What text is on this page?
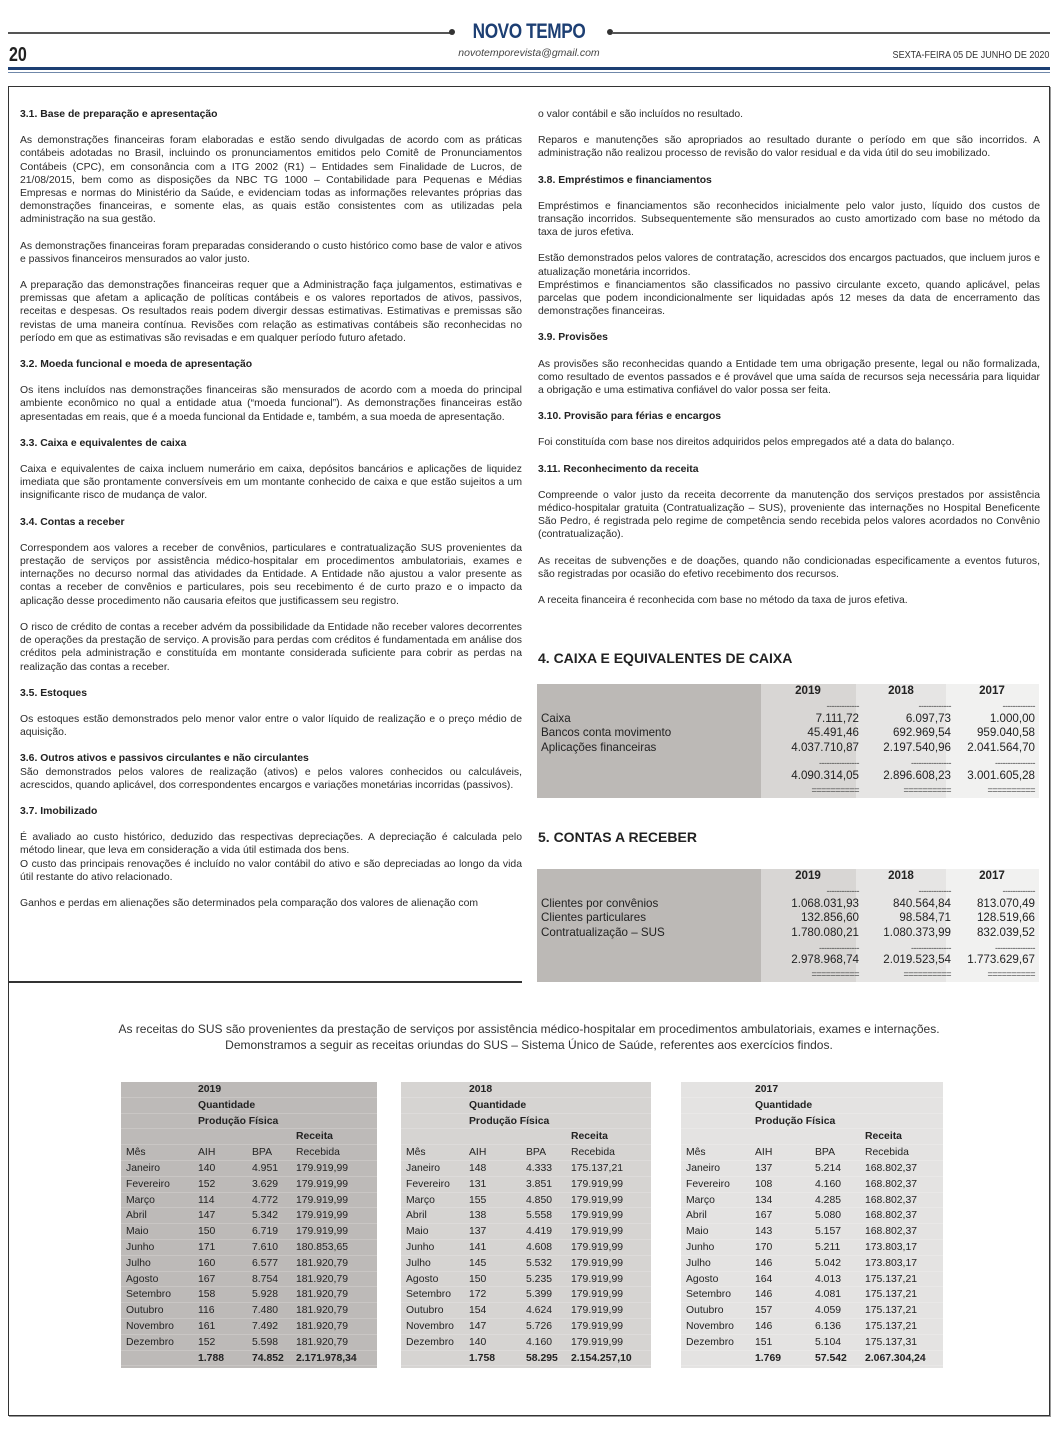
NOVO TEMPO
novotemporevista@gmail.com
20	SEXTA-FEIRA 05 DE JUNHO DE 2020
3.1. Base de preparação e apresentação

As demonstrações financeiras foram elaboradas e estão sendo divulgadas de acordo com as práticas contábeis adotadas no Brasil, incluindo os pronunciamentos emitidos pelo Comitê de Pronunciamentos Contábeis (CPC), em consonância com a ITG 2002 (R1) – Entidades sem Finalidade de Lucros, de 21/08/2015, bem como as disposições da NBC TG 1000 – Contabilidade para Pequenas e Médias Empresas e normas do Ministério da Saúde, e evidenciam todas as informações relevantes próprias das demonstrações financeiras, e somente elas, as quais estão consistentes com as utilizadas pela administração na sua gestão.

As demonstrações financeiras foram preparadas considerando o custo histórico como base de valor e ativos e passivos financeiros mensurados ao valor justo.

A preparação das demonstrações financeiras requer que a Administração faça julgamentos, estimativas e premissas que afetam a aplicação de políticas contábeis e os valores reportados de ativos, passivos, receitas e despesas. Os resultados reais podem divergir dessas estimativas. Estimativas e premissas são revistas de uma maneira contínua. Revisões com relação as estimativas contábeis são reconhecidas no período em que as estimativas são revisadas e em qualquer período futuro afetado.

3.2. Moeda funcional e moeda de apresentação

Os itens incluídos nas demonstrações financeiras são mensurados de acordo com a moeda do principal ambiente econômico no qual a entidade atua (“moeda funcional”). As demonstrações financeiras estão apresentadas em reais, que é a moeda funcional da Entidade e, também, a sua moeda de apresentação.

3.3. Caixa e equivalentes de caixa

Caixa e equivalentes de caixa incluem numerário em caixa, depósitos bancários e aplicações de liquidez imediata que são prontamente conversíveis em um montante conhecido de caixa e que estão sujeitos a um insignificante risco de mudança de valor.

3.4. Contas a receber

Correspondem aos valores a receber de convênios, particulares e contratualização SUS provenientes da prestação de serviços por assistência médico-hospitalar em procedimentos ambulatoriais, exames e internações no decurso normal das atividades da Entidade. A Entidade não ajustou a valor presente as contas a receber de convênios e particulares, pois seu recebimento é de curto prazo e o impacto da aplicação desse procedimento não causaria efeitos que justificassem seu registro.

O risco de crédito de contas a receber advém da possibilidade da Entidade não receber valores decorrentes de operações da prestação de serviço. A provisão para perdas com créditos é fundamentada em análise dos créditos pela administração e constituída em montante considerada suficiente para cobrir as perdas na realização das contas a receber.

3.5. Estoques

Os estoques estão demonstrados pelo menor valor entre o valor líquido de realização e o preço médio de aquisição.

3.6. Outros ativos e passivos circulantes e não circulantes

São demonstrados pelos valores de realização (ativos) e pelos valores conhecidos ou calculáveis, acrescidos, quando aplicável, dos correspondentes encargos e variações monetárias incorridas (passivos).

3.7. Imobilizado

É avaliado ao custo histórico, deduzido das respectivas depreciações. A depreciação é calculada pelo método linear, que leva em consideração a vida útil estimada dos bens.

O custo das principais renovações é incluído no valor contábil do ativo e são depreciadas ao longo da vida útil restante do ativo relacionado.

Ganhos e perdas em alienações são determinados pela comparação dos valores de alienação com

o valor contábil e são incluídos no resultado.

Reparos e manutenções são apropriados ao resultado durante o período em que são incorridos. A administração não realizou processo de revisão do valor residual e da vida útil do seu imobilizado.

3.8. Empréstimos e financiamentos

Empréstimos e financiamentos são reconhecidos inicialmente pelo valor justo, líquido dos custos de transação incorridos. Subsequentemente são mensurados ao custo amortizado com base no método da taxa de juros efetiva.

Estão demonstrados pelos valores de contratação, acrescidos dos encargos pactuados, que incluem juros e atualização monetária incorridos.

Empréstimos e financiamentos são classificados no passivo circulante exceto, quando aplicável, pelas parcelas que podem incondicionalmente ser liquidadas após 12 meses da data de encerramento das demonstrações financeiras.

3.9. Provisões

As provisões são reconhecidas quando a Entidade tem uma obrigação presente, legal ou não formalizada, como resultado de eventos passados e é provável que uma saída de recursos seja necessária para liquidar a obrigação e uma estimativa confiável do valor possa ser feita.

3.10. Provisão para férias e encargos

Foi constituída com base nos direitos adquiridos pelos empregados até a data do balanço.

3.11. Reconhecimento da receita

Compreende o valor justo da receita decorrente da manutenção dos serviços prestados por assistência médico-hospitalar gratuita (Contratualização – SUS), proveniente das internações no Hospital Beneficente São Pedro, é registrada pelo regime de competência sendo recebida pelos valores acordados no Convênio (contratualização).

As receitas de subvenções e de doações, quando não condicionadas especificamente a eventos futuros, são registradas por ocasião do efetivo recebimento dos recursos.

A receita financeira é reconhecida com base no método da taxa de juros efetiva.

4. CAIXA E EQUIVALENTES DE CAIXA
2019	2018	2017
-------------	-------------	-------------
Caixa	7.111,72	6.097,73	1.000,00
Bancos conta movimento	45.491,46	692.969,54 959.040,58
Aplicações financeiras	4.037.710,87 2.197.540,96 2.041.564,70
----------------	----------------	----------------
4.090.314,05 2.896.608,23 3.001.605,28
==========	==========	==========
5. CONTAS A RECEBER
2019	2018	2017
-------------	-------------	-------------
Clientes por convênios	1.068.031,93	840.564,84 813.070,49
Clientes particulares	132.856,60	98.584,71 128.519,66
Contratualização – SUS	1.780.080,21 1.080.373,99 832.039,52
----------------	----------------	----------------
2.978.968,74 2.019.523,54 1.773.629,67
==========	==========	==========
As receitas do SUS são provenientes da prestação de serviços por assistência médico-hospitalar em procedimentos ambulatoriais, exames e internações.
Demonstramos a seguir as receitas oriundas do SUS – Sistema Único de Saúde, referentes aos exercícios findos.
2019
Quantidade
Produção Física
Receita
Mês	AIH	BPA Recebida
Janeiro	140	4.951 179.919,99
Fevereiro	152	3.629 179.919,99
Março	114	4.772 179.919,99
Abril	147	5.342 179.919,99
Maio	150	6.719 179.919,99
Junho	171	7.610 180.853,65
Julho	160	6.577 181.920,79
Agosto	167	8.754 181.920,79
Setembro	158	5.928 181.920,79
Outubro	116	7.480 181.920,79
Novembro 161	7.492 181.920,79
Dezembro 152	5.598 181.920,79
1.788	74.852 2.171.978,34
2018
Quantidade
Produção Física
Receita
Mês	AIH	BPA Recebida
Janeiro	148	4.333 175.137,21
Fevereiro 131	3.851 179.919,99
Março	155	4.850 179.919,99
Abril	138	5.558 179.919,99
Maio	137	4.419 179.919,99
Junho	141	4.608 179.919,99
Julho	145	5.532 179.919,99
Agosto	150	5.235 179.919,99
Setembro 172	5.399 179.919,99
Outubro 154	4.624 179.919,99
Novembro 147	5.726 179.919,99
Dezembro 140	4.160 179.919,99
1.758	58.295 2.154.257,10
2017
Quantidade
Produção Física
Receita
Mês	AIH	BPA	Recebida
Janeiro	137	5.214 168.802,37
Fevereiro 108	4.160 168.802,37
Março	134	4.285 168.802,37
Abril	167	5.080 168.802,37
Maio	143	5.157 168.802,37
Junho	170	5.211 173.803,17
Julho	146	5.042 173.803,17
Agosto	164	4.013 175.137,21
Setembro 146	4.081 175.137,21
Outubro	157	4.059 175.137,21
Novembro 146	6.136 175.137,21
Dezembro 151	5.104 175.137,31
1.769	57.542 2.067.304,24
